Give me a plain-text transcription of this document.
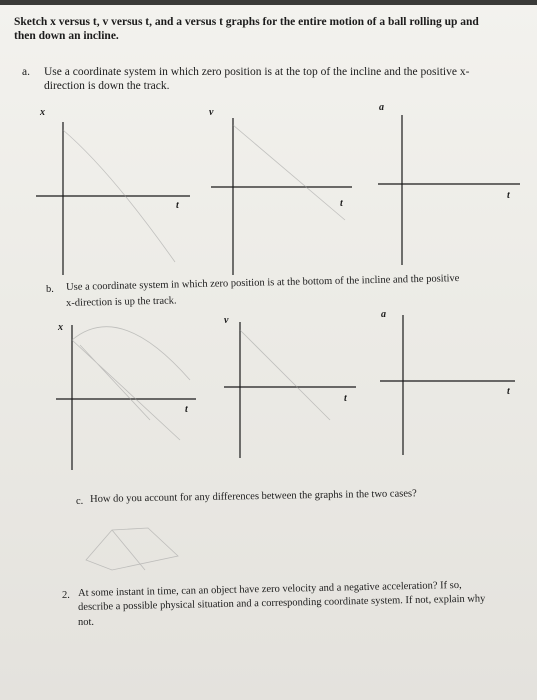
Sketch x versus t, v versus t, and a versus t graphs for the entire motion of a ball rolling up and
then down an incline.
a. Use a coordinate system in which zero position is at the top of the incline and the positive x-
direction is down the track.
b. Use a coordinate system in which zero position is at the bottom of the incline and the positive
x-direction is up the track.
c. How do you account for any differences between the graphs in the two cases?
2. At some instant in time, can an object have zero velocity and a negative acceleration? If so,
describe a possible physical situation and a corresponding coordinate system. If not, explain why
not.
x
t
v
t
a
t
x
t
v
t
a
t
